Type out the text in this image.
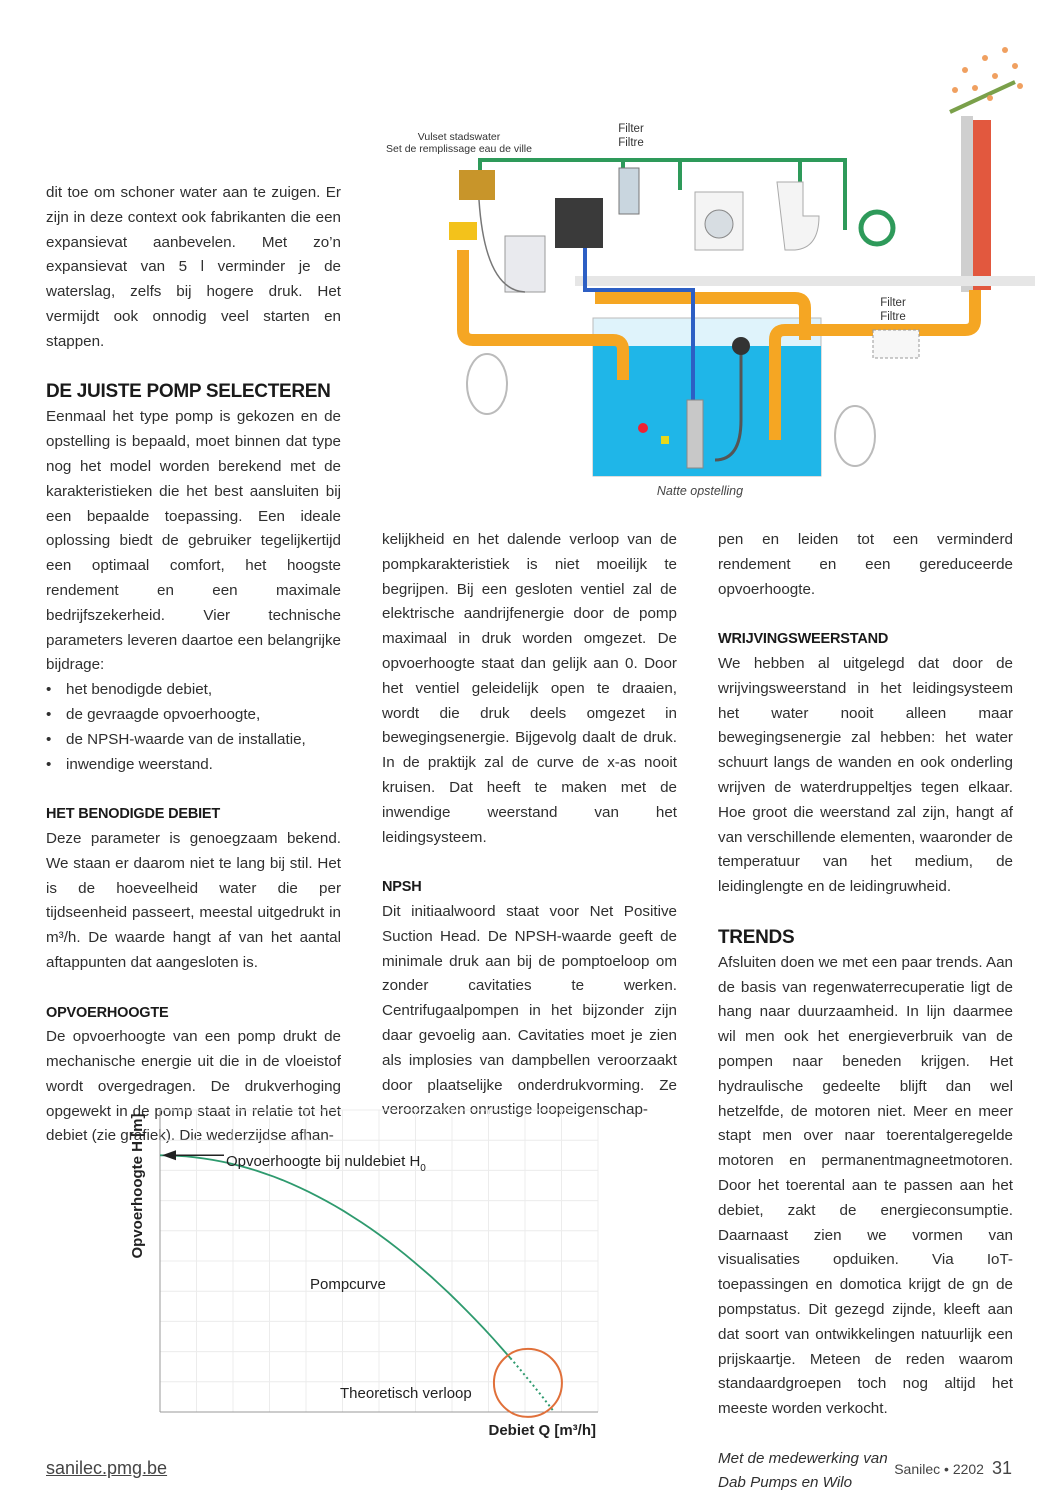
Vulset stadswater
Set de remplissage eau de ville
Filter
Filtre
Filter
Filtre
Natte opstelling

dit toe om schoner water aan te zuigen. Er zijn in deze context ook fabrikanten die een expansievat aanbevelen. Met zo’n expansievat van 5 l verminder je de waterslag, zelfs bij hogere druk. Het vermijdt ook onnodig veel starten en stappen.

DE JUISTE POMP SELECTEREN

Eenmaal het type pomp is gekozen en de opstelling is bepaald, moet binnen dat type nog het model worden berekend met de karakteristieken die het best aansluiten bij een bepaalde toepassing. Een ideale oplossing biedt de gebruiker tegelijkertijd een optimaal comfort, het hoogste rendement en een maximale bedrijfszekerheid. Vier technische parameters leveren daartoe een belangrijke bijdrage:

• het benodigde debiet,
• de gevraagde opvoerhoogte,
• de NPSH-waarde van de installatie,
• inwendige weerstand.

HET BENODIGDE DEBIET

Deze parameter is genoegzaam bekend. We staan er daarom niet te lang bij stil. Het is de hoeveelheid water die per tijdseenheid passeert, meestal uitgedrukt in m³/h. De waarde hangt af van het aantal aftappunten dat aangesloten is.

OPVOERHOOGTE

De opvoerhoogte van een pomp drukt de mechanische energie uit die in de vloeistof wordt overgedragen. De drukverhoging opgewekt in de pomp staat in relatie tot het debiet (zie grafiek). Die wederzijdse afhan-

kelijkheid en het dalende verloop van de pompkarakteristiek is niet moeilijk te begrijpen. Bij een gesloten ventiel zal de elektrische aandrijfenergie door de pomp maximaal in druk worden omgezet. De opvoerhoogte staat dan gelijk aan 0. Door het ventiel geleidelijk open te draaien, wordt die druk deels omgezet in bewegingsenergie. Bijgevolg daalt de druk. In de praktijk zal de curve de x-as nooit kruisen. Dat heeft te maken met de inwendige weerstand van het leidingsysteem.

NPSH

Dit initiaalwoord staat voor Net Positive Suction Head. De NPSH-waarde geeft de minimale druk aan bij de pomptoeloop om zonder cavitaties te werken. Centrifugaalpompen in het bijzonder zijn daar gevoelig aan. Cavitaties moet je zien als implosies van dampbellen veroorzaakt door plaatselijke onderdrukvorming. Ze veroorzaken onrustige loopeigenschap-

pen en leiden tot een verminderd rendement en een gereduceerde opvoerhoogte.

WRIJVINGSWEERSTAND

We hebben al uitgelegd dat door de wrijvingsweerstand in het leidingsysteem het water nooit alleen maar bewegingsenergie zal hebben: het water schuurt langs de wanden en ook onderling wrijven de waterdruppeltjes tegen elkaar. Hoe groot die weerstand zal zijn, hangt af van verschillende elementen, waaronder de temperatuur van het medium, de leidinglengte en de leidingruwheid.

TRENDS

Afsluiten doen we met een paar trends. Aan de basis van regenwaterrecuperatie ligt de hang naar duurzaamheid. In lijn daarmee wil men ook het energieverbruik van de pompen naar beneden krijgen. Het hydraulische gedeelte blijft dan wel hetzelfde, de motoren niet. Meer en meer stapt men over naar toerentalgeregelde motoren en permanentmagneetmotoren. Door het toerental aan te passen aan het debiet, zakt de energieconsumptie. Daarnaast zien we vormen van visualisaties opduiken. Via IoT-toepassingen en domotica krijgt de gn de pompstatus. Dit gezegd zijnde, kleeft aan dat soort van ontwikkelingen natuurlijk een prijskaartje. Meteen de reden waarom standaardgroepen toch nog altijd het meeste worden verkocht.

Met de medewerking van

Dab Pumps en Wilo

Opvoerhoogte H [m]	Opvoerhoogte bij nuldebiet $H_0$
Pompcurve
Theoretisch verloop
Debiet Q [m³/h]
sanilec.pmg.be	Sanilec • 2202 31
